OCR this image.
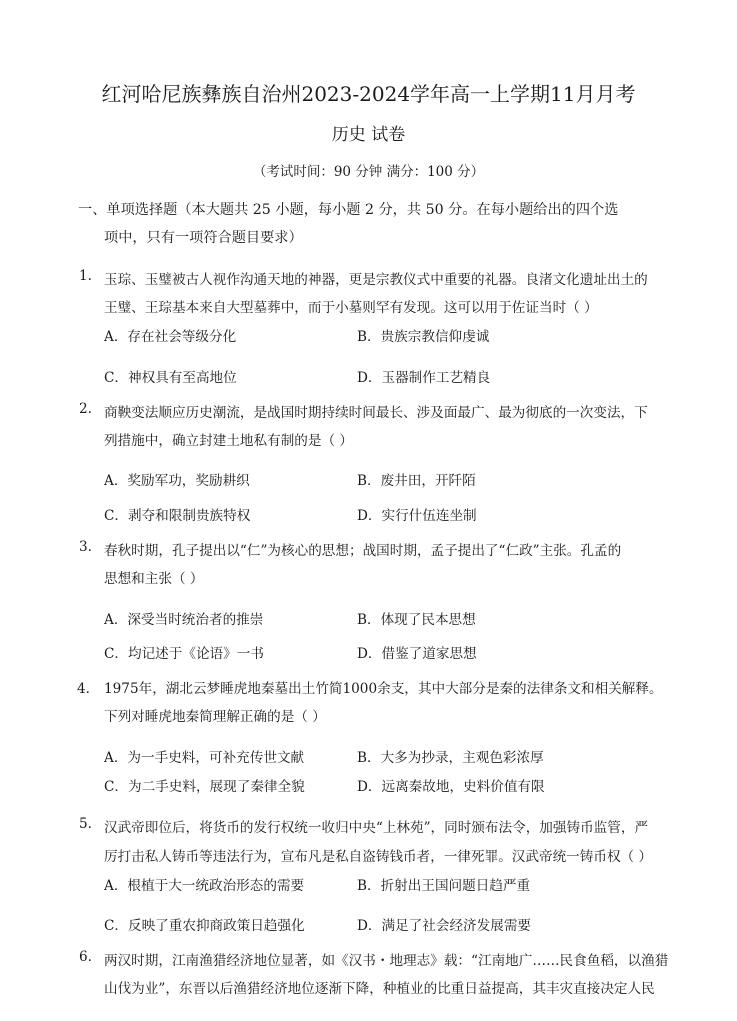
红河哈尼族彝族自治州2023-2024学年高一上学期11月月考
历史 试卷
（考试时间：90 分钟 满分：100 分）
一、单项选择题（本大题共 25 小题，每小题 2 分，共 50 分。在每小题给出的四个选
项中，只有一项符合题目要求）
1. 玉琮、玉璧被古人视作沟通天地的神器，更是宗教仪式中重要的礼器。良渚文化遗址出土的
王璧、王琮基本来自大型墓葬中，而于小墓则罕有发现。这可以用于佐证当时（ ）
A．存在社会等级分化	B．贵族宗教信仰虔诚
C．神权具有至高地位	D．玉器制作工艺精良
2. 商鞅变法顺应历史潮流，是战国时期持续时间最长、涉及面最广、最为彻底的一次变法，下
列措施中，确立封建土地私有制的是（ ）
A．奖励军功，奖励耕织	B．废井田，开阡陌
C．剥夺和限制贵族特权	D．实行什伍连坐制
3. 春秋时期，孔子提出以“仁”为核心的思想；战国时期，孟子提出了“仁政”主张。孔孟的
思想和主张（ ）
A．深受当时统治者的推崇	B．体现了民本思想
C．均记述于《论语》一书	D．借鉴了道家思想
4． 1975年，湖北云梦睡虎地秦墓出土竹简1000余支，其中大部分是秦的法律条文和相关解释。
下列对睡虎地秦简理解正确的是（ ）
A．为一手史料，可补充传世文献	B．大多为抄录，主观色彩浓厚
C．为二手史料，展现了秦律全貌	D．远离秦故地，史料价值有限
5. 汉武帝即位后，将货币的发行权统一收归中央“上林苑”，同时颁布法令，加强铸币监管，严
厉打击私人铸币等违法行为，宣布凡是私自盗铸钱币者，一律死罪。汉武帝统一铸币权（ ）
A．根植于大一统政治形态的需要	B．折射出王国问题日趋严重
C．反映了重农抑商政策日趋强化	D．满足了社会经济发展需要
6. 两汉时期，江南渔猎经济地位显著，如《汉书・地理志》载：“江南地广……民食鱼稻，以渔猎
山伐为业”，东晋以后渔猎经济地位逐渐下降，种植业的比重日益提高，其丰灾直接决定人民
